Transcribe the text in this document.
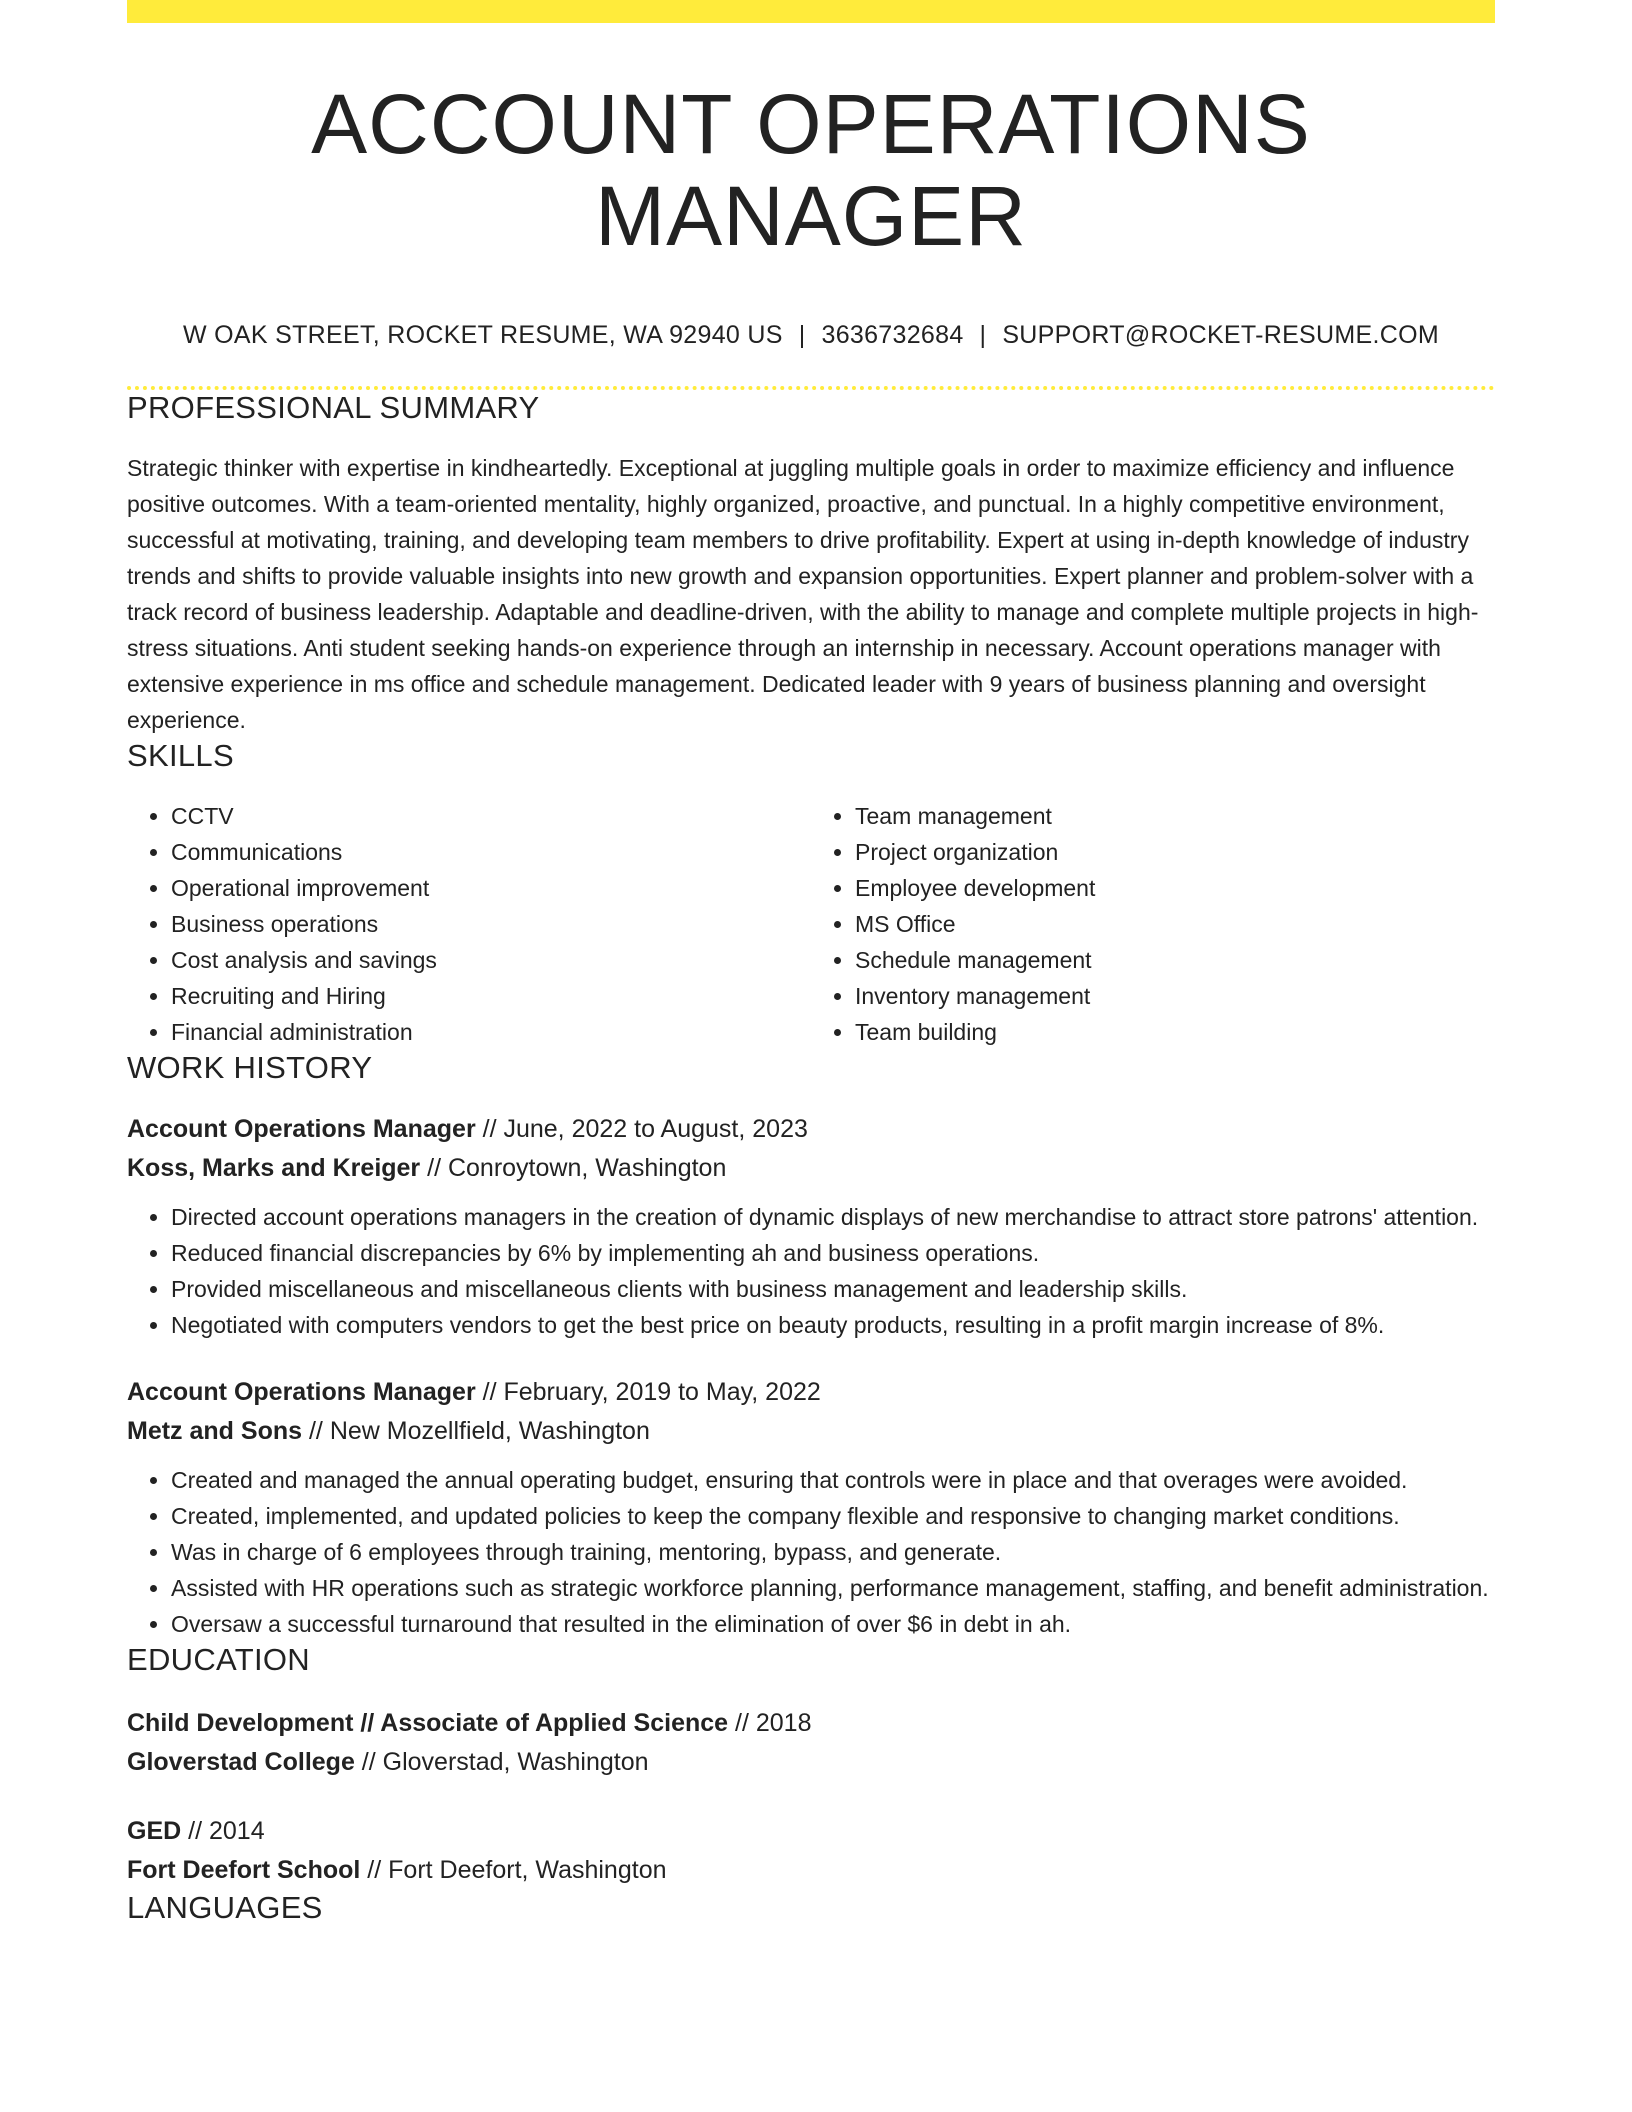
ACCOUNT OPERATIONS MANAGER
W OAK STREET, ROCKET RESUME, WA 92940 US | 3636732684 | SUPPORT@ROCKET-RESUME.COM
PROFESSIONAL SUMMARY
Strategic thinker with expertise in kindheartedly. Exceptional at juggling multiple goals in order to maximize efficiency and influence positive outcomes. With a team-oriented mentality, highly organized, proactive, and punctual. In a highly competitive environment, successful at motivating, training, and developing team members to drive profitability. Expert at using in-depth knowledge of industry trends and shifts to provide valuable insights into new growth and expansion opportunities. Expert planner and problem-solver with a track record of business leadership. Adaptable and deadline-driven, with the ability to manage and complete multiple projects in high-stress situations. Anti student seeking hands-on experience through an internship in necessary. Account operations manager with extensive experience in ms office and schedule management. Dedicated leader with 9 years of business planning and oversight experience.
SKILLS
• CCTV
• Communications
• Operational improvement
• Business operations
• Cost analysis and savings
• Recruiting and Hiring
• Financial administration
• Team management
• Project organization
• Employee development
• MS Office
• Schedule management
• Inventory management
• Team building
WORK HISTORY
Account Operations Manager // June, 2022 to August, 2023
Koss, Marks and Kreiger // Conroytown, Washington
• Directed account operations managers in the creation of dynamic displays of new merchandise to attract store patrons' attention.
• Reduced financial discrepancies by 6% by implementing ah and business operations.
• Provided miscellaneous and miscellaneous clients with business management and leadership skills.
• Negotiated with computers vendors to get the best price on beauty products, resulting in a profit margin increase of 8%.
Account Operations Manager // February, 2019 to May, 2022
Metz and Sons // New Mozellfield, Washington
• Created and managed the annual operating budget, ensuring that controls were in place and that overages were avoided.
• Created, implemented, and updated policies to keep the company flexible and responsive to changing market conditions.
• Was in charge of 6 employees through training, mentoring, bypass, and generate.
• Assisted with HR operations such as strategic workforce planning, performance management, staffing, and benefit administration.
• Oversaw a successful turnaround that resulted in the elimination of over $6 in debt in ah.
EDUCATION
Child Development // Associate of Applied Science // 2018
Gloverstad College // Gloverstad, Washington
GED // 2014
Fort Deefort School // Fort Deefort, Washington
LANGUAGES
